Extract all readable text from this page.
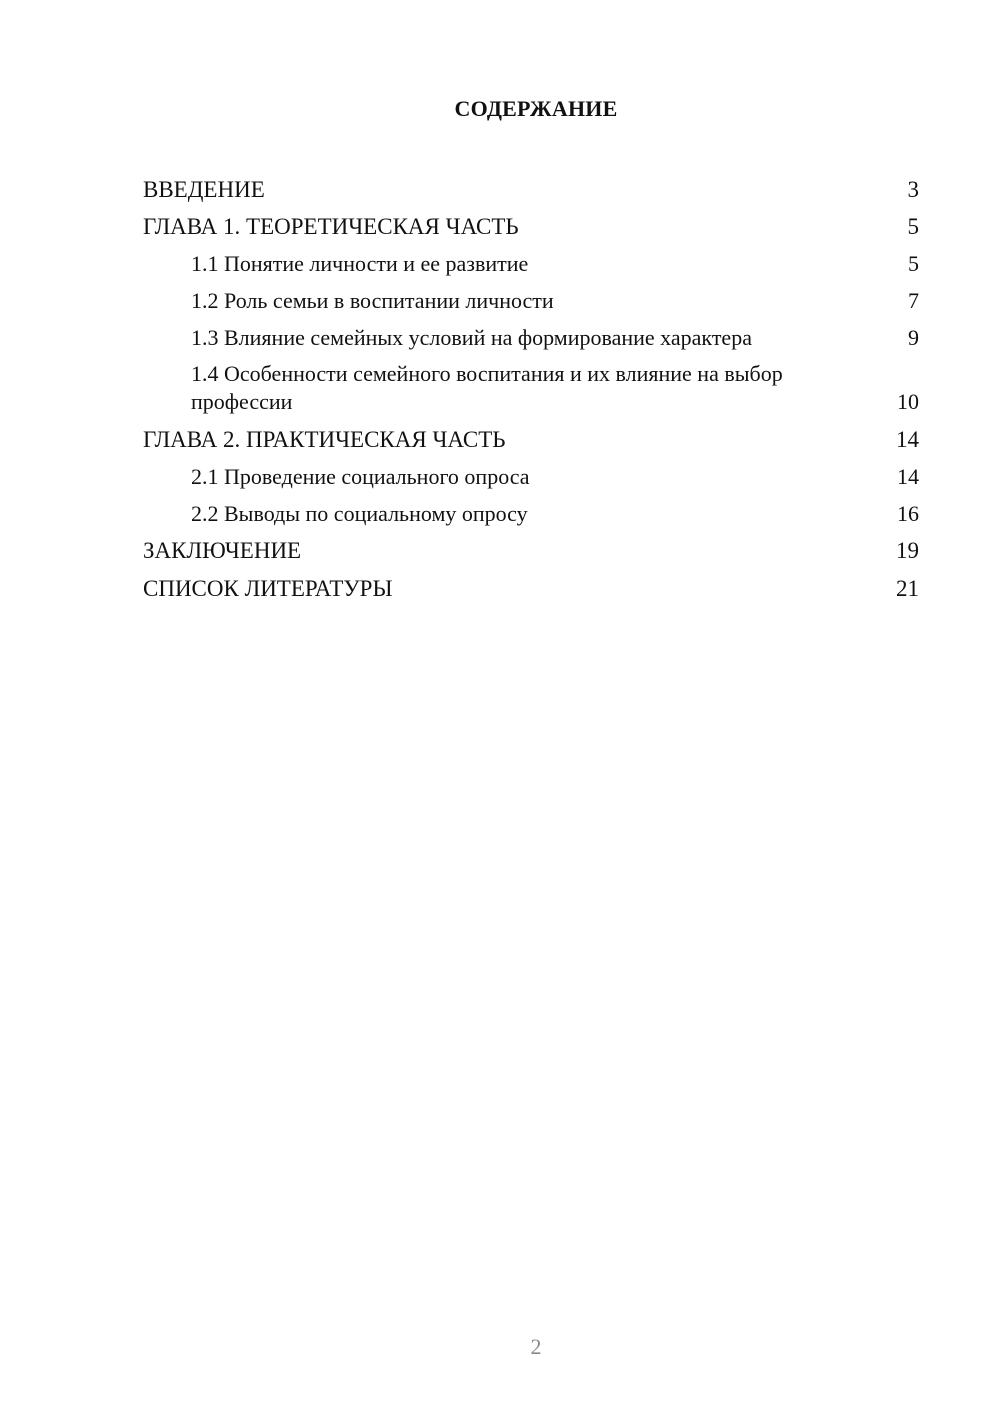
СОДЕРЖАНИЕ
ВВЕДЕНИЕ	3
ГЛАВА 1. ТЕОРЕТИЧЕСКАЯ ЧАСТЬ	5
1.1 Понятие личности и ее развитие	5
1.2 Роль семьи в воспитании личности	7
1.3 Влияние семейных условий на формирование характера	9
1.4 Особенности семейного воспитания и их влияние на выбор профессии	10
ГЛАВА 2. ПРАКТИЧЕСКАЯ ЧАСТЬ	14
2.1 Проведение социального опроса	14
2.2 Выводы по социальному опросу	16
ЗАКЛЮЧЕНИЕ	19
СПИСОК ЛИТЕРАТУРЫ	21
2
